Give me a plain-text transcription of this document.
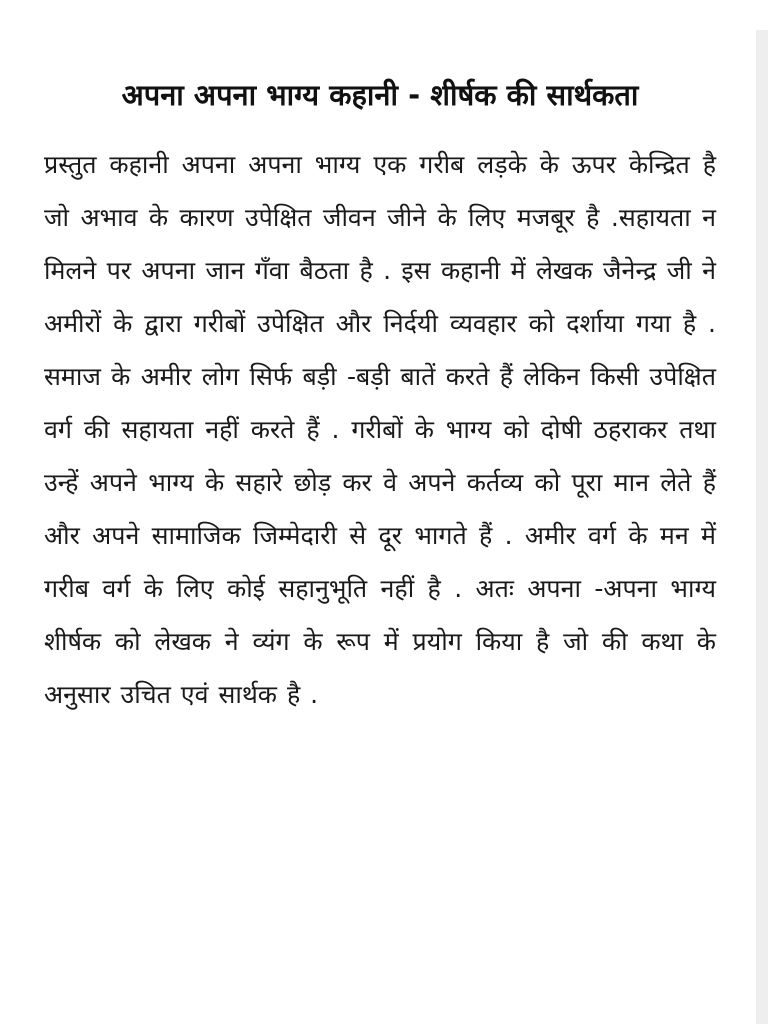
अपना अपना भाग्य कहानी - शीर्षक की सार्थकता

प्रस्तुत कहानी अपना अपना भाग्य एक गरीब लड़के के ऊपर केन्द्रित है जो अभाव के कारण उपेक्षित जीवन जीने के लिए मजबूर है .सहायता न मिलने पर अपना जान गँवा बैठता है . इस कहानी में लेखक जैनेन्द्र जी ने अमीरों के द्वारा गरीबों उपेक्षित और निर्दयी व्यवहार को दर्शाया गया है . समाज के अमीर लोग सिर्फ बड़ी -बड़ी बातें करते हैं लेकिन किसी उपेक्षित वर्ग की सहायता नहीं करते हैं . गरीबों के भाग्य को दोषी ठहराकर तथा उन्हें अपने भाग्य के सहारे छोड़ कर वे अपने कर्तव्य को पूरा मान लेते हैं और अपने सामाजिक जिम्मेदारी से दूर भागते हैं . अमीर वर्ग के मन में गरीब वर्ग के लिए कोई सहानुभूति नहीं है . अतः अपना -अपना भाग्य शीर्षक को लेखक ने व्यंग के रूप में प्रयोग किया है जो की कथा के अनुसार उचित एवं सार्थक है .
